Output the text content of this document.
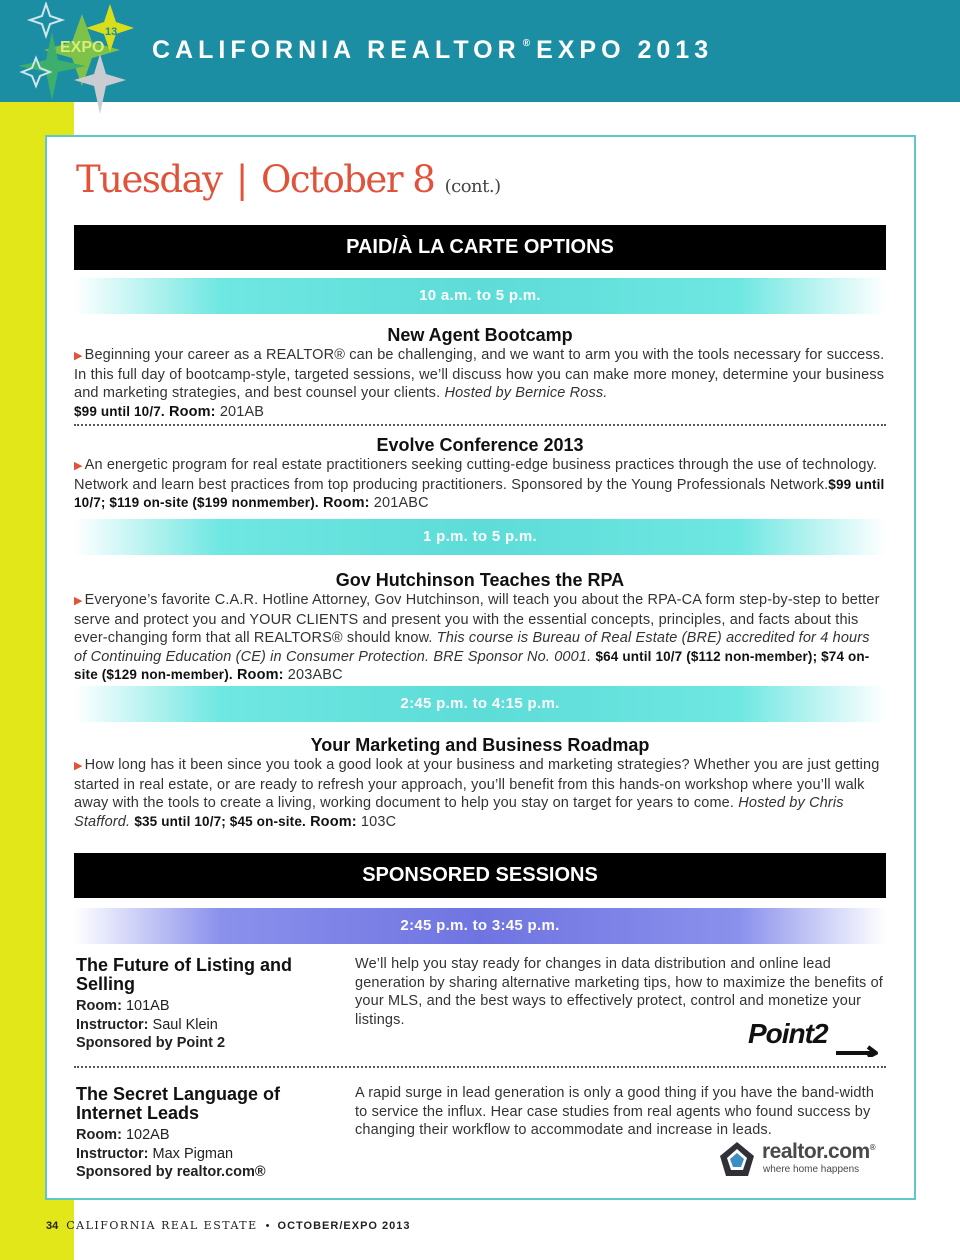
EXPO
13
CALIFORNIA REALTOR ® EXPO 2013
Tuesday | October 8 (cont.)
PAID/À LA CARTE OPTIONS
10 a.m. to 5 p.m.
New Agent Bootcamp
▶ Beginning your career as a REALTOR® can be challenging, and we want to arm you with the tools necessary for success. In this full day of bootcamp-style, targeted sessions, we’ll discuss how you can make more money, determine your business and marketing strategies, and best counsel your clients. Hosted by Bernice Ross.
$99 until 10/7. Room: 201AB
Evolve Conference 2013
▶ An energetic program for real estate practitioners seeking cutting-edge business practices through the use of technology. Network and learn best practices from top producing practitioners. Sponsored by the Young Professionals Network.$99 until 10/7; $119 on-site ($199 nonmember). Room: 201ABC
1 p.m. to 5 p.m.
Gov Hutchinson Teaches the RPA
▶ Everyone’s favorite C.A.R. Hotline Attorney, Gov Hutchinson, will teach you about the RPA-CA form step-by-step to better serve and protect you and YOUR CLIENTS and present you with the essential concepts, principles, and facts about this ever-changing form that all REALTORS® should know. This course is Bureau of Real Estate (BRE) accredited for 4 hours of Continuing Education (CE) in Consumer Protection. BRE Sponsor No. 0001. $64 until 10/7 ($112 non-member); $74 on-site ($129 non-member). Room: 203ABC
2:45 p.m. to 4:15 p.m.
Your Marketing and Business Roadmap
▶ How long has it been since you took a good look at your business and marketing strategies? Whether you are just getting started in real estate, or are ready to refresh your approach, you’ll benefit from this hands-on workshop where you’ll walk away with the tools to create a living, working document to help you stay on target for years to come. Hosted by Chris Stafford. $35 until 10/7; $45 on-site. Room: 103C
SPONSORED SESSIONS
2:45 p.m. to 3:45 p.m.
The Future of Listing and Selling
Room: 101AB
Instructor: Saul Klein
Sponsored by Point 2
We’ll help you stay ready for changes in data distribution and online lead generation by sharing alternative marketing tips, how to maximize the benefits of your MLS, and the best ways to effectively protect, control and monetize your listings.	Point2
The Secret Language of Internet Leads
Room: 102AB
Instructor: Max Pigman
Sponsored by realtor.com®
A rapid surge in lead generation is only a good thing if you have the band-width to service the influx. Hear case studies from real agents who found success by changing their workflow to accommodate and increase in leads.
realtor.com®
where home happens
34 CALIFORNIA REAL ESTATE • OCTOBER/EXPO 2013
